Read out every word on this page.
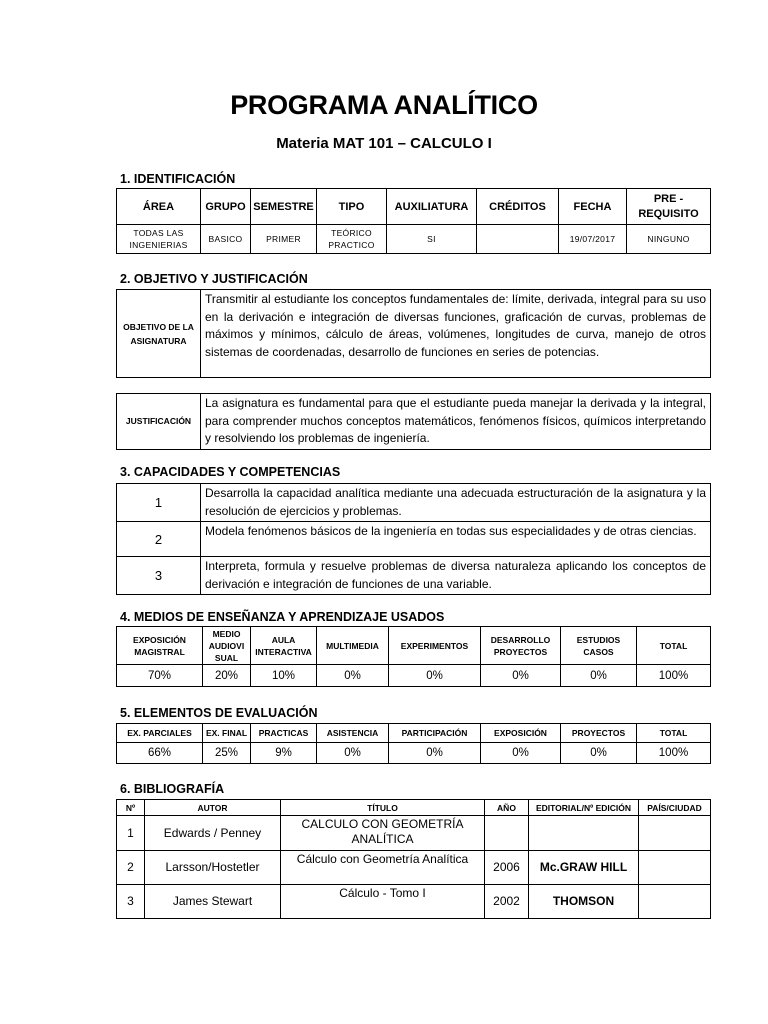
PROGRAMA ANALÍTICO
Materia MAT 101 – CALCULO I
1. IDENTIFICACIÓN
ÁREA	GRUPO	SEMESTRE	TIPO	AUXILIATURA	CRÉDITOS	FECHA	PRE - REQUISITO
TODAS LAS INGENIERIAS	BASICO	PRIMER	TEÓRICO PRACTICO	SI		19/07/2017	NINGUNO
2. OBJETIVO Y JUSTIFICACIÓN
OBJETIVO DE LA ASIGNATURA	Transmitir al estudiante los conceptos fundamentales de: límite, derivada, integral para su uso en la derivación e integración de diversas funciones, graficación de curvas, problemas de máximos y mínimos, cálculo de áreas, volúmenes, longitudes de curva, manejo de otros sistemas de coordenadas, desarrollo de funciones en series de potencias.
JUSTIFICACIÓN	La asignatura es fundamental para que el estudiante pueda manejar la derivada y la integral, para comprender muchos conceptos matemáticos, fenómenos físicos, químicos interpretando y resolviendo los problemas de ingeniería.
3. CAPACIDADES Y COMPETENCIAS
1	Desarrolla la capacidad analítica mediante una adecuada estructuración de la asignatura y la resolución de ejercicios y problemas.
2	Modela fenómenos básicos de la ingeniería en todas sus especialidades y de otras ciencias.
3	Interpreta, formula y resuelve problemas de diversa naturaleza aplicando los conceptos de derivación e integración de funciones de una variable.
4. MEDIOS DE ENSEÑANZA Y APRENDIZAJE USADOS
EXPOSICIÓN MAGISTRAL	MEDIO AUDIOVI SUAL	AULA INTERACTIVA	MULTIMEDIA	EXPERIMENTOS	DESARROLLO PROYECTOS	ESTUDIOS CASOS	TOTAL
70%	20%	10%	0%	0%	0%	0%	100%
5. ELEMENTOS DE EVALUACIÓN
EX. PARCIALES	EX. FINAL	PRACTICAS	ASISTENCIA	PARTICIPACIÓN	EXPOSICIÓN	PROYECTOS	TOTAL
66%	25%	9%	0%	0%	0%	0%	100%
6. BIBLIOGRAFÍA
Nº	AUTOR	TÍTULO	AÑO	EDITORIAL/Nº EDICIÓN	PAÍS/CIUDAD
1	Edwards / Penney	CALCULO CON GEOMETRÍA ANALÍTICA			
2	Larsson/Hostetler	Cálculo con Geometría Analítica	2006	Mc.GRAW HILL	
3	James Stewart	Cálculo - Tomo I	2002	THOMSON	
